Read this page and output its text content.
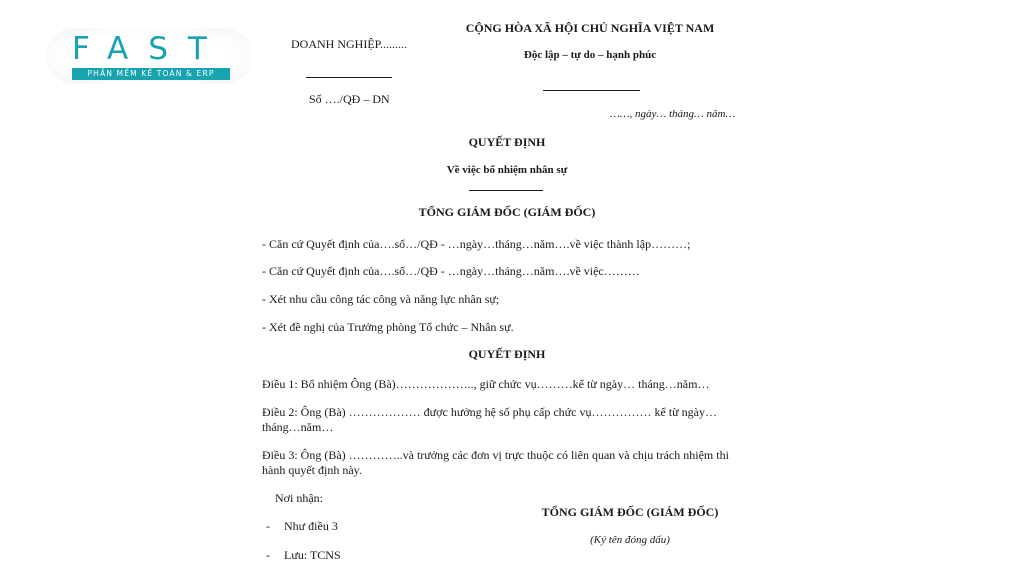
FAST
PHẦN MỀM KẾ TOÁN & ERP
DOANH NGHIỆP.........
Số …./QĐ – DN
CỘNG HÒA XÃ HỘI CHỦ NGHĨA VIỆT NAM
Độc lập – tự do – hạnh phúc
……, ngày… tháng… năm…
QUYẾT ĐỊNH
Về việc bổ nhiệm nhân sự
TỔNG GIÁM ĐỐC (GIÁM ĐỐC)
- Căn cứ Quyết định của….số…/QĐ - …ngày…tháng…năm….về việc thành lập………;
- Căn cứ Quyết định của….số…/QĐ - …ngày…tháng…năm….về việc………
- Xét nhu cầu công tác công và năng lực nhân sự;
- Xét đề nghị của Trưởng phòng Tổ chức – Nhân sự.
QUYẾT ĐỊNH
Điều 1: Bổ nhiệm Ông (Bà)……………….., giữ chức vụ………kể từ ngày… tháng…năm…
Điều 2: Ông (Bà) ……………… được hưởng hệ số phụ cấp chức vụ…………… kể từ ngày…
tháng…năm…
Điều 3: Ông (Bà) …………..và trưởng các đơn vị trực thuộc có liên quan và chịu trách nhiệm thi
hành quyết định này.
Nơi nhận:
- Như điều 3
- Lưu: TCNS
TỔNG GIÁM ĐỐC (GIÁM ĐỐC)
(Ký tên đóng dấu)
